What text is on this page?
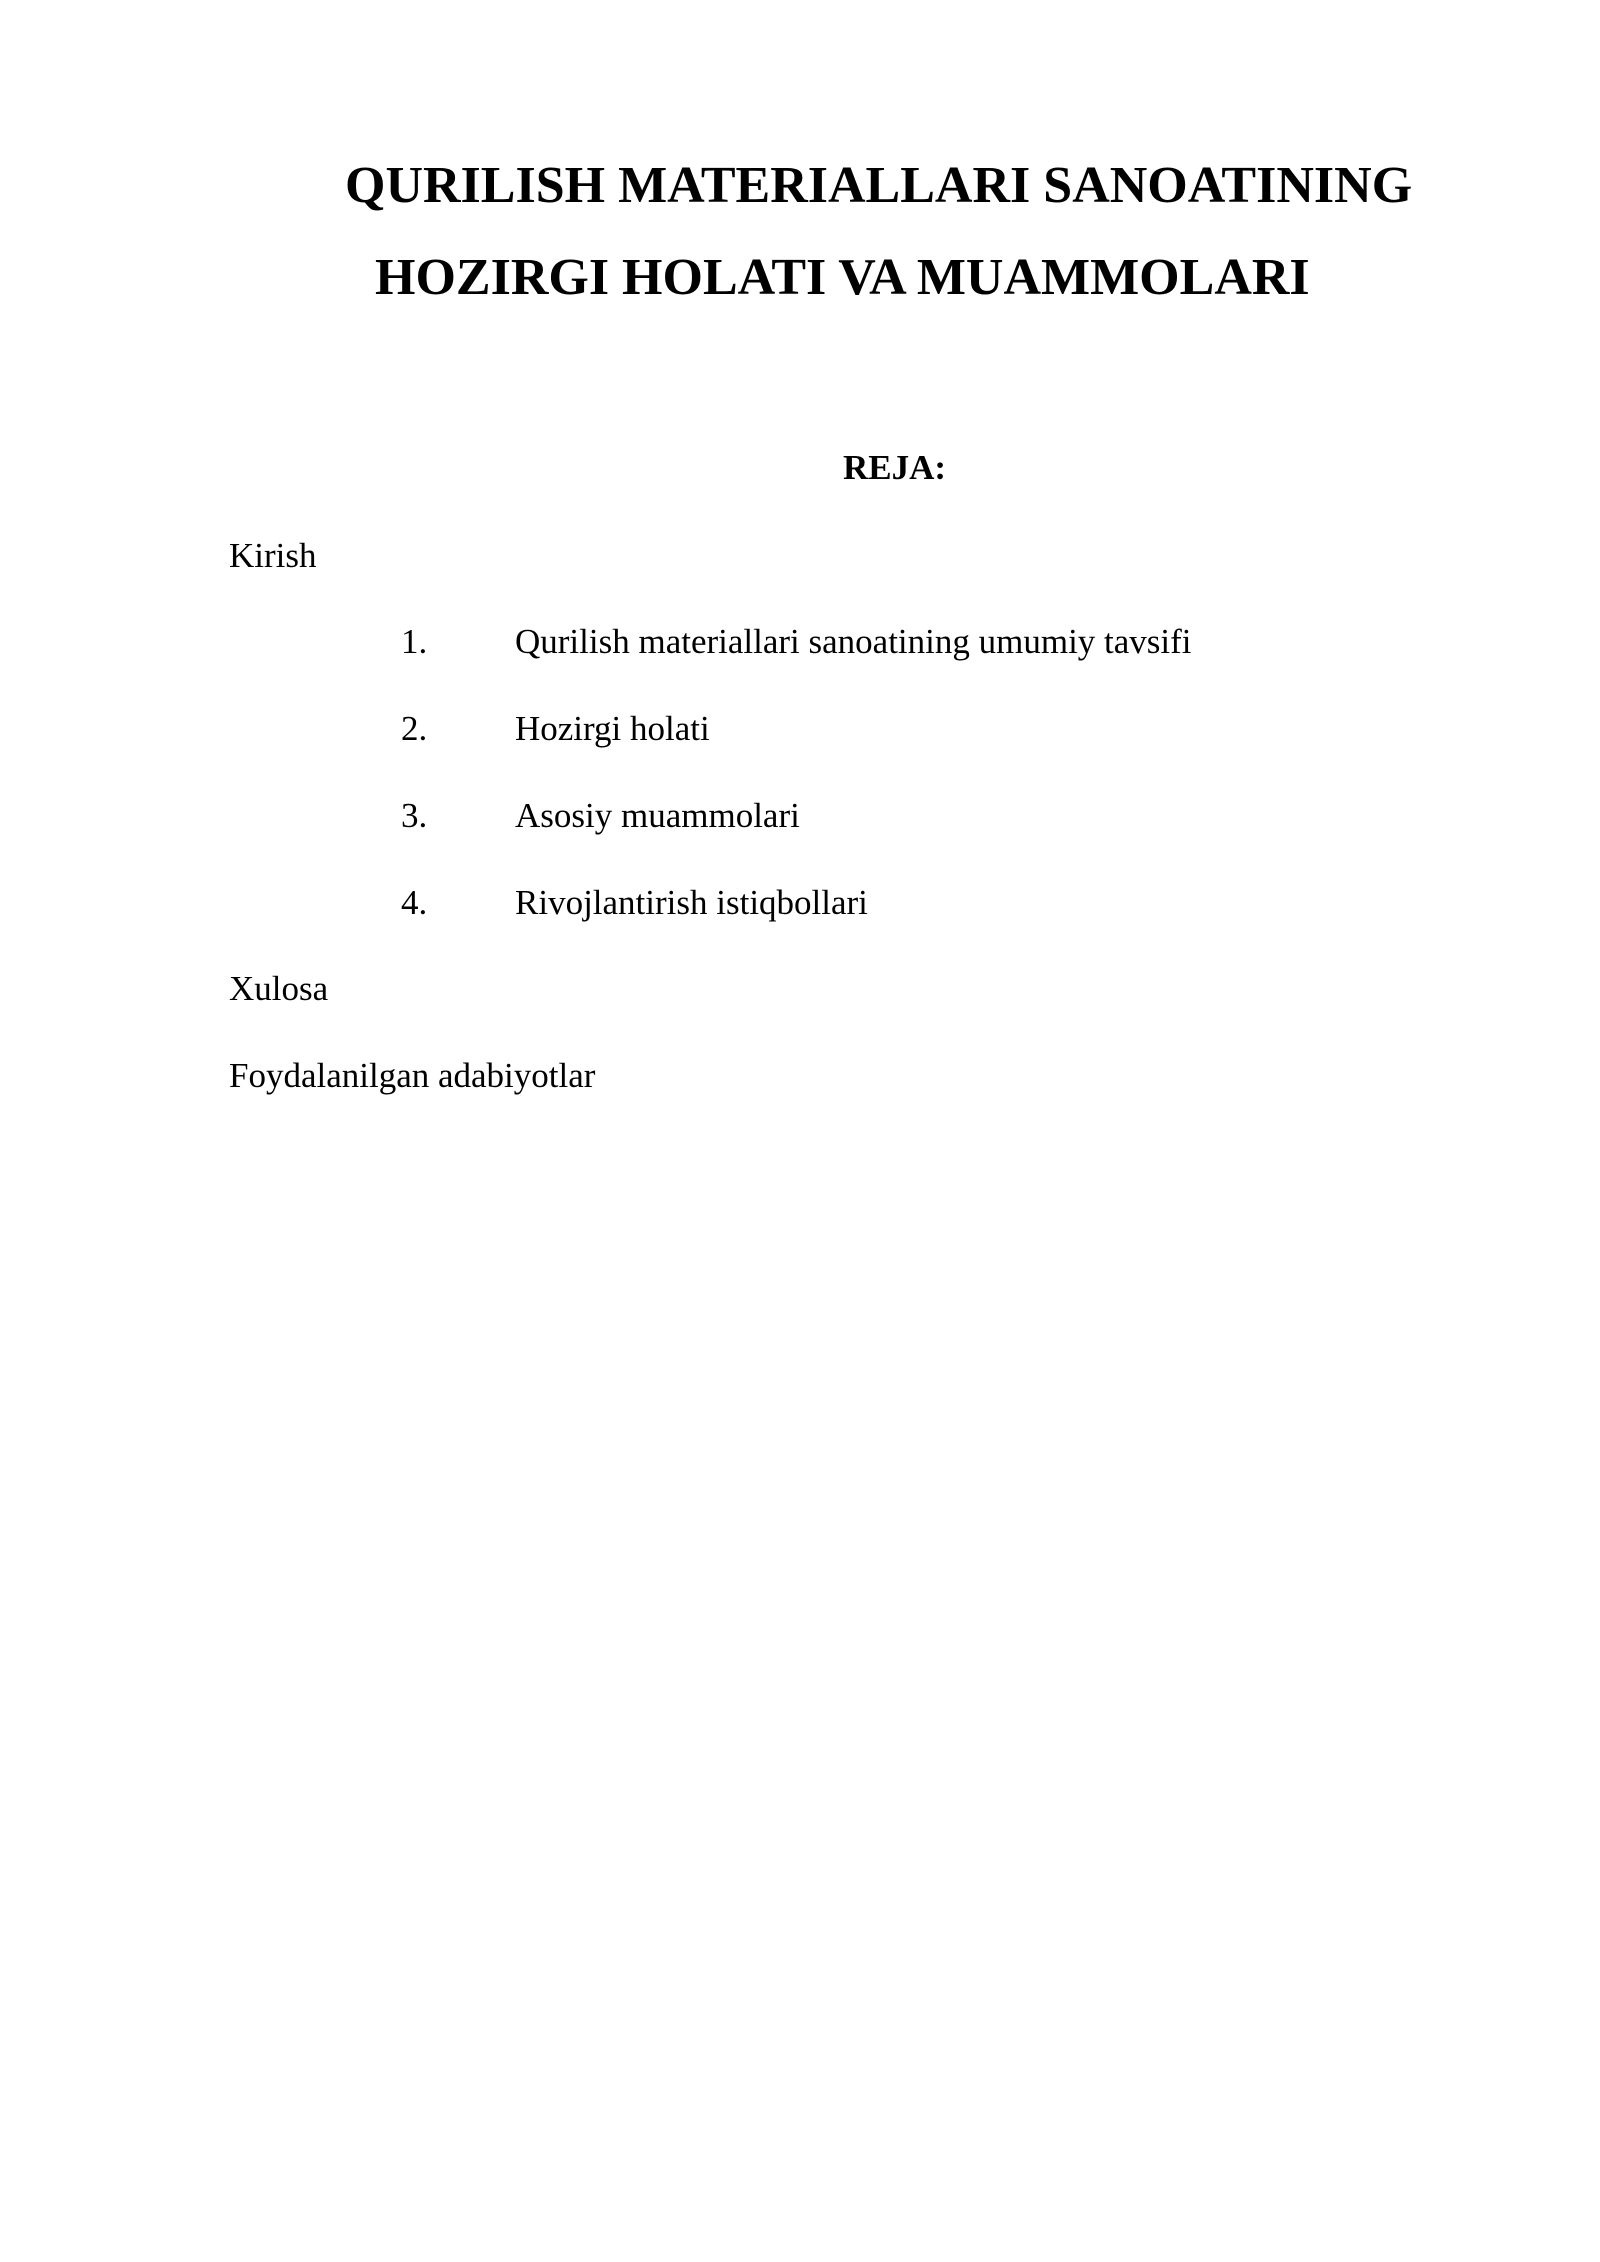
QURILISH MATERIALLARI SANOATINING
HOZIRGI HOLATI VA MUAMMOLARI
REJA:
Kirish
1.	Qurilish materiallari sanoatining umumiy tavsifi
2.	Hozirgi holati
3.	Asosiy muammolari
4.	Rivojlantirish istiqbollari
Xulosa
Foydalanilgan adabiyotlar
